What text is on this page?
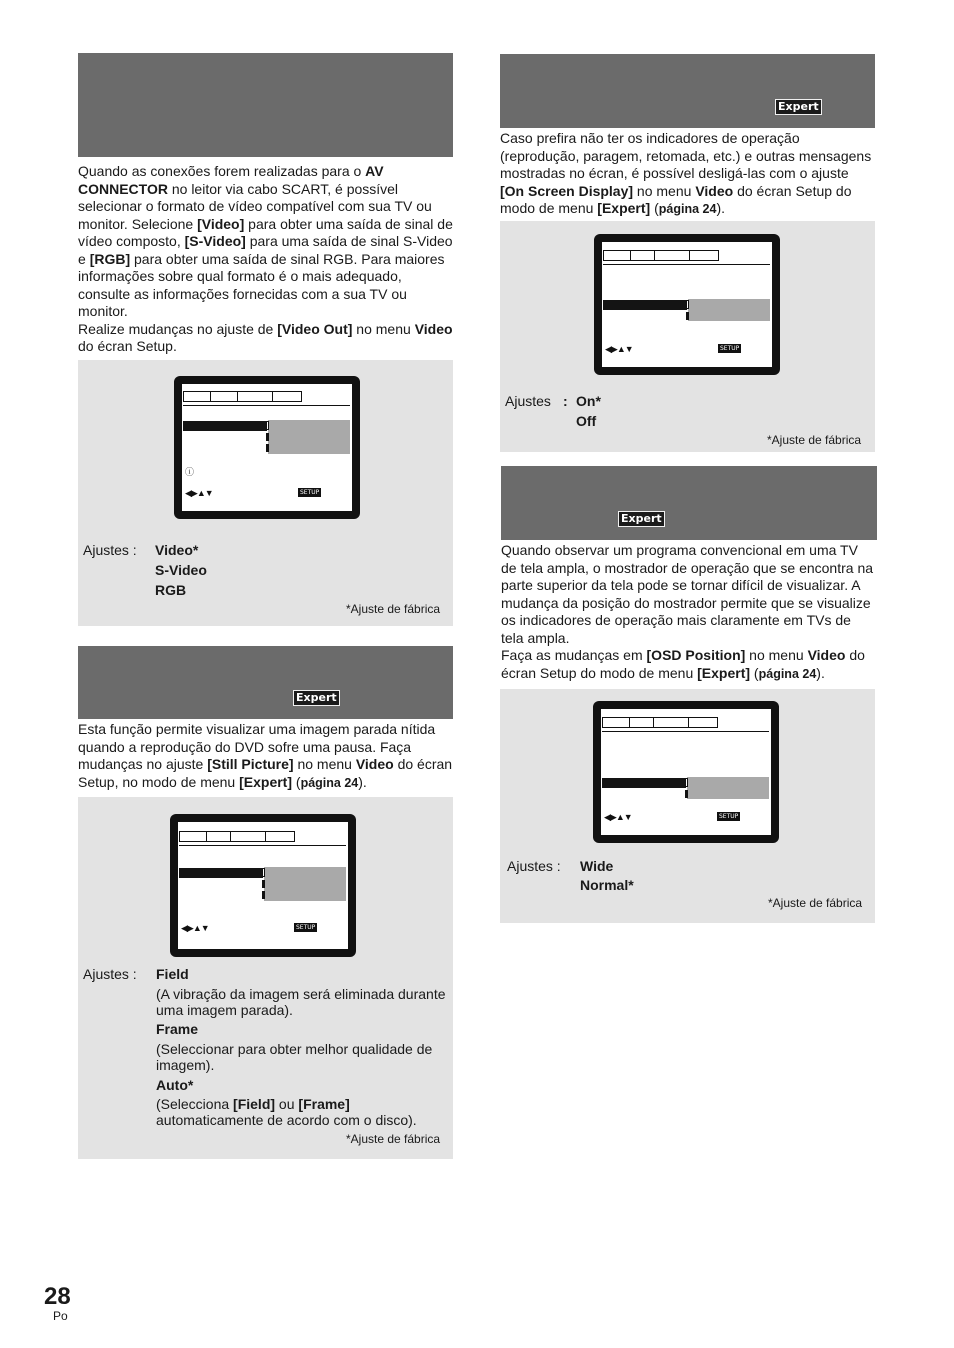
Quando as conexões forem realizadas para o AV CONNECTOR no leitor via cabo SCART, é possível selecionar o formato de vídeo compatível com sua TV ou monitor. Selecione [Video] para obter uma saída de sinal de vídeo composto, [S-Video] para uma saída de sinal S-Video e [RGB] para obter uma saída de sinal RGB. Para maiores informações sobre qual formato é o mais adequado, consulte as informações fornecidas com a sua TV ou monitor.
Realize mudanças no ajuste de [Video Out] no menu Video do écran Setup.

ⓘ
◀▶▲▼	SETUP
Ajustes : Video*
S-Video
RGB
*Ajuste de fábrica
Expert

Esta função permite visualizar uma imagem parada nítida quando a reprodução do DVD sofre uma pausa. Faça mudanças no ajuste [Still Picture] no menu Video do écran Setup, no modo de menu [Expert] (página 24).

◀▶▲▼	SETUP
Ajustes : Field
(A vibração da imagem será eliminada durante uma imagem parada).
Frame
(Seleccionar para obter melhor qualidade de imagem).
Auto*
(Selecciona [Field] ou [Frame] automaticamente de acordo com o disco).
*Ajuste de fábrica
Expert

Caso prefira não ter os indicadores de operação (reprodução, paragem, retomada, etc.) e outras mensagens mostradas no écran, é possível desligá-las com o ajuste [On Screen Display] no menu Video do écran Setup do modo de menu [Expert] (página 24).

◀▶▲▼	SETUP
Ajustes : On*
Off
*Ajuste de fábrica
Expert

Quando observar um programa convencional em uma TV de tela ampla, o mostrador de operação que se encontra na parte superior da tela pode se tornar difícil de visualizar. A mudança da posição do mostrador permite que se visualize os indicadores de operação mais claramente em TVs de tela ampla.
Faça as mudanças em [OSD Position] no menu Video do écran Setup do modo de menu [Expert] (página 24).

◀▶▲▼	SETUP
Ajustes : Wide
Normal*
*Ajuste de fábrica
28
Po
